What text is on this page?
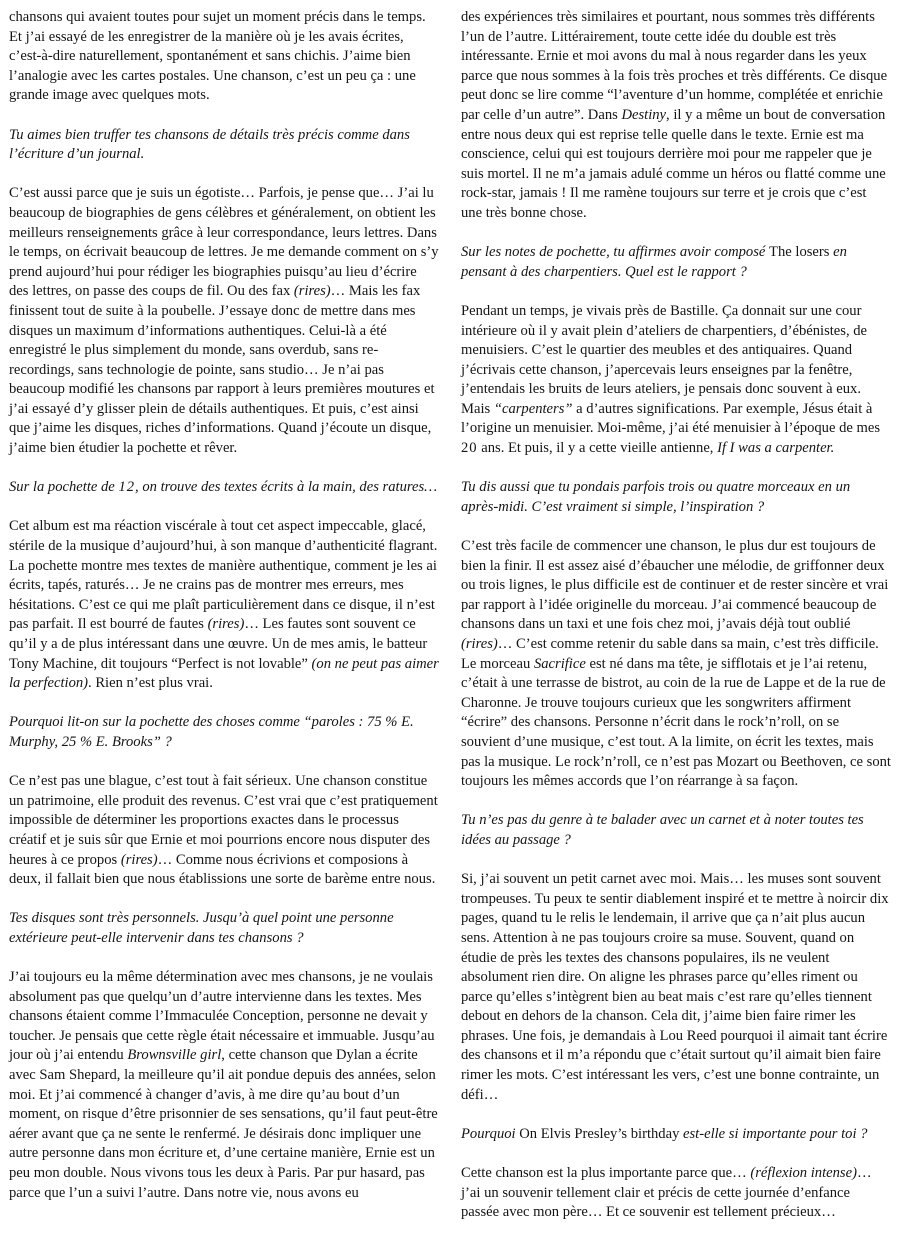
chansons qui avaient toutes pour sujet un moment précis dans le temps. Et j’ai essayé de les enregistrer de la manière où je les avais écrites, c’est-à-dire naturellement, spontanément et sans chichis. J’aime bien l’analogie avec les cartes postales. Une chanson, c’est un peu ça : une grande image avec quelques mots.

Tu aimes bien truffer tes chansons de détails très précis comme dans l’écriture d’un journal.

C’est aussi parce que je suis un égotiste… Parfois, je pense que… J’ai lu beaucoup de biographies de gens célèbres et généralement, on obtient les meilleurs renseignements grâce à leur correspondance, leurs lettres. Dans le temps, on écrivait beaucoup de lettres. Je me demande comment on s’y prend aujourd’hui pour rédiger les biographies puisqu’au lieu d’écrire des lettres, on passe des coups de fil. Ou des fax (rires)… Mais les fax finissent tout de suite à la poubelle. J’essaye donc de mettre dans mes disques un maximum d’informations authentiques. Celui-là a été enregistré le plus simplement du monde, sans overdub, sans re-recordings, sans technologie de pointe, sans studio… Je n’ai pas beaucoup modifié les chansons par rapport à leurs premières moutures et j’ai essayé d’y glisser plein de détails authentiques. Et puis, c’est ainsi que j’aime les disques, riches d’informations. Quand j’écoute un disque, j’aime bien étudier la pochette et rêver.

Sur la pochette de 12, on trouve des textes écrits à la main, des ratures…

Cet album est ma réaction viscérale à tout cet aspect impeccable, glacé, stérile de la musique d’aujourd’hui, à son manque d’authenticité flagrant. La pochette montre mes textes de manière authentique, comment je les ai écrits, tapés, raturés… Je ne crains pas de montrer mes erreurs, mes hésitations. C’est ce qui me plaît particulièrement dans ce disque, il n’est pas parfait. Il est bourré de fautes (rires)… Les fautes sont souvent ce qu’il y a de plus intéressant dans une œuvre. Un de mes amis, le batteur Tony Machine, dit toujours “Perfect is not lovable” (on ne peut pas aimer la perfection). Rien n’est plus vrai.

Pourquoi lit-on sur la pochette des choses comme “paroles : 75 % E. Murphy, 25 % E. Brooks” ?

Ce n’est pas une blague, c’est tout à fait sérieux. Une chanson constitue un patrimoine, elle produit des revenus. C’est vrai que c’est pratiquement impossible de déterminer les proportions exactes dans le processus créatif et je suis sûr que Ernie et moi pourrions encore nous disputer des heures à ce propos (rires)… Comme nous écrivions et composions à deux, il fallait bien que nous établissions une sorte de barème entre nous.

Tes disques sont très personnels. Jusqu’à quel point une personne extérieure peut-elle intervenir dans tes chansons ?

J’ai toujours eu la même détermination avec mes chansons, je ne voulais absolument pas que quelqu’un d’autre intervienne dans les textes. Mes chansons étaient comme l’Immaculée Conception, personne ne devait y toucher. Je pensais que cette règle était nécessaire et immuable. Jusqu’au jour où j’ai entendu Brownsville girl, cette chanson que Dylan a écrite avec Sam Shepard, la meilleure qu’il ait pondue depuis des années, selon moi. Et j’ai commencé à changer d’avis, à me dire qu’au bout d’un moment, on risque d’être prisonnier de ses sensations, qu’il faut peut-être aérer avant que ça ne sente le renfermé. Je désirais donc impliquer une autre personne dans mon écriture et, d’une certaine manière, Ernie est un peu mon double. Nous vivons tous les deux à Paris. Par pur hasard, pas parce que l’un a suivi l’autre. Dans notre vie, nous avons eu

des expériences très similaires et pourtant, nous sommes très différents l’un de l’autre. Littérairement, toute cette idée du double est très intéressante. Ernie et moi avons du mal à nous regarder dans les yeux parce que nous sommes à la fois très proches et très différents. Ce disque peut donc se lire comme “l’aventure d’un homme, complétée et enrichie par celle d’un autre”. Dans Destiny, il y a même un bout de conversation entre nous deux qui est reprise telle quelle dans le texte. Ernie est ma conscience, celui qui est toujours derrière moi pour me rappeler que je suis mortel. Il ne m’a jamais adulé comme un héros ou flatté comme une rock-star, jamais ! Il me ramène toujours sur terre et je crois que c’est une très bonne chose.

Sur les notes de pochette, tu affirmes avoir composé The losers en pensant à des charpentiers. Quel est le rapport ?

Pendant un temps, je vivais près de Bastille. Ça donnait sur une cour intérieure où il y avait plein d’ateliers de charpentiers, d’ébénistes, de menuisiers. C’est le quartier des meubles et des antiquaires. Quand j’écrivais cette chanson, j’apercevais leurs enseignes par la fenêtre, j’entendais les bruits de leurs ateliers, je pensais donc souvent à eux. Mais “carpenters” a d’autres significations. Par exemple, Jésus était à l’origine un menuisier. Moi-même, j’ai été menuisier à l’époque de mes 20 ans. Et puis, il y a cette vieille antienne, If I was a carpenter.

Tu dis aussi que tu pondais parfois trois ou quatre morceaux en un après-midi. C’est vraiment si simple, l’inspiration ?

C’est très facile de commencer une chanson, le plus dur est toujours de bien la finir. Il est assez aisé d’ébaucher une mélodie, de griffonner deux ou trois lignes, le plus difficile est de continuer et de rester sincère et vrai par rapport à l’idée originelle du morceau. J’ai commencé beaucoup de chansons dans un taxi et une fois chez moi, j’avais déjà tout oublié (rires)… C’est comme retenir du sable dans sa main, c’est très difficile. Le morceau Sacrifice est né dans ma tête, je sifflotais et je l’ai retenu, c’était à une terrasse de bistrot, au coin de la rue de Lappe et de la rue de Charonne. Je trouve toujours curieux que les songwriters affirment “écrire” des chansons. Personne n’écrit dans le rock’n’roll, on se souvient d’une musique, c’est tout. A la limite, on écrit les textes, mais pas la musique. Le rock’n’roll, ce n’est pas Mozart ou Beethoven, ce sont toujours les mêmes accords que l’on réarrange à sa façon.

Tu n’es pas du genre à te balader avec un carnet et à noter toutes tes idées au passage ?

Si, j’ai souvent un petit carnet avec moi. Mais… les muses sont souvent trompeuses. Tu peux te sentir diablement inspiré et te mettre à noircir dix pages, quand tu le relis le lendemain, il arrive que ça n’ait plus aucun sens. Attention à ne pas toujours croire sa muse. Souvent, quand on étudie de près les textes des chansons populaires, ils ne veulent absolument rien dire. On aligne les phrases parce qu’elles riment ou parce qu’elles s’intègrent bien au beat mais c’est rare qu’elles tiennent debout en dehors de la chanson. Cela dit, j’aime bien faire rimer les phrases. Une fois, je demandais à Lou Reed pourquoi il aimait tant écrire des chansons et il m’a répondu que c’était surtout qu’il aimait bien faire rimer les mots. C’est intéressant les vers, c’est une bonne contrainte, un défi…

Pourquoi On Elvis Presley’s birthday est-elle si importante pour toi ?

Cette chanson est la plus importante parce que… (réflexion intense)… j’ai un souvenir tellement clair et précis de cette journée d’enfance passée avec mon père… Et ce souvenir est tellement précieux…
